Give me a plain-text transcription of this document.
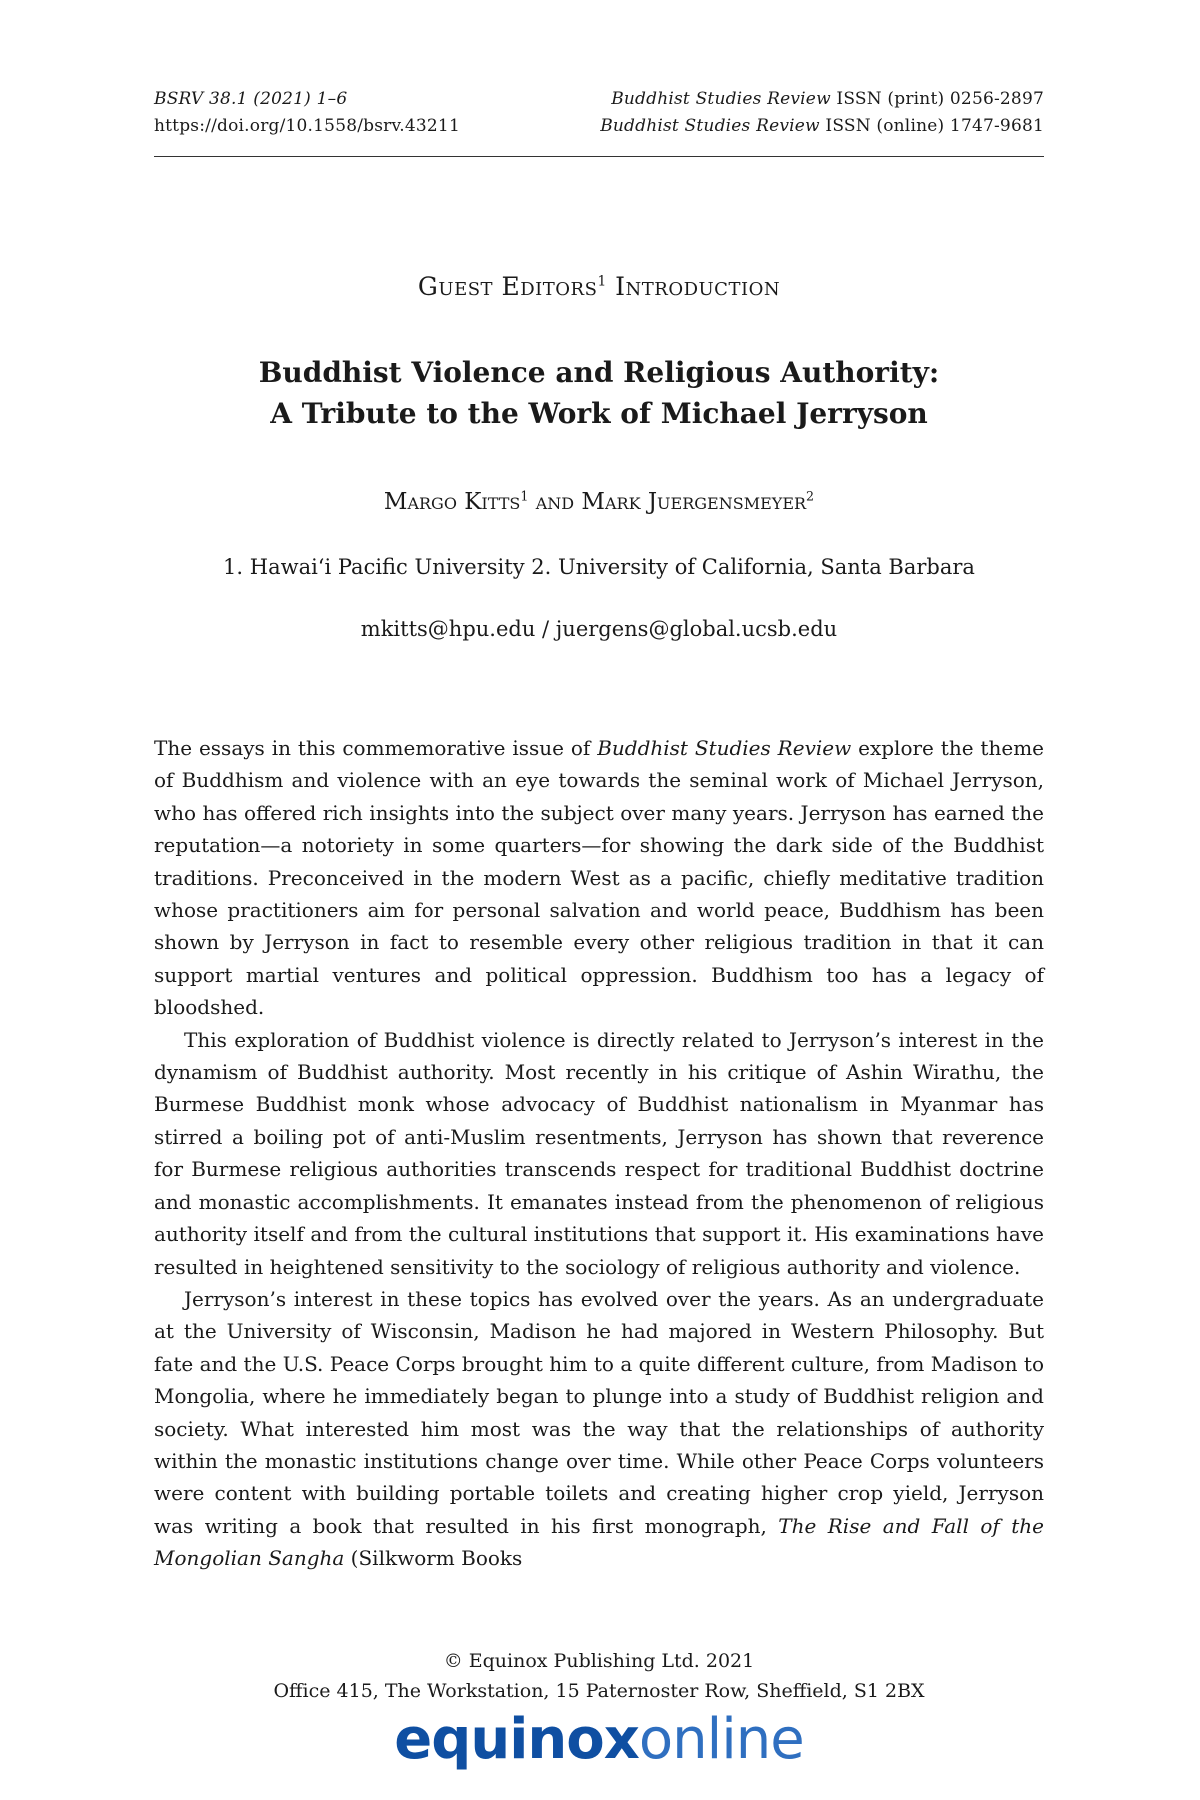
BSRV 38.1 (2021) 1–6
https://doi.org/10.1558/bsrv.43211
Buddhist Studies Review ISSN (print) 0256-2897
Buddhist Studies Review ISSN (online) 1747-9681
Guest Editors$^1$ Introduction
Buddhist Violence and Religious Authority:
A Tribute to the Work of Michael Jerryson
Margo Kitts$^1$ and Mark Juergensmeyer$^2$
1. Hawai‘i Pacific University 2. University of California, Santa Barbara
mkitts@hpu.edu / juergens@global.ucsb.edu

The essays in this commemorative issue of Buddhist Studies Review explore the theme of Buddhism and violence with an eye towards the seminal work of Michael Jerryson, who has offered rich insights into the subject over many years. Jerryson has earned the reputation—a notoriety in some quarters—for showing the dark side of the Buddhist traditions. Preconceived in the modern West as a pacific, chiefly meditative tradition whose practitioners aim for personal salvation and world peace, Buddhism has been shown by Jerryson in fact to resemble every other religious tradition in that it can support martial ventures and political oppression. Buddhism too has a legacy of bloodshed.

This exploration of Buddhist violence is directly related to Jerryson’s interest in the dynamism of Buddhist authority. Most recently in his critique of Ashin Wirathu, the Burmese Buddhist monk whose advocacy of Buddhist nationalism in Myanmar has stirred a boiling pot of anti-Muslim resentments, Jerryson has shown that reverence for Burmese religious authorities transcends respect for traditional Buddhist doctrine and monastic accomplishments. It emanates instead from the phenomenon of religious authority itself and from the cultural institutions that support it. His examinations have resulted in heightened sensitivity to the sociology of religious authority and violence.

Jerryson’s interest in these topics has evolved over the years. As an undergraduate at the University of Wisconsin, Madison he had majored in Western Philosophy. But fate and the U.S. Peace Corps brought him to a quite different culture, from Madison to Mongolia, where he immediately began to plunge into a study of Buddhist religion and society. What interested him most was the way that the relationships of authority within the monastic institutions change over time. While other Peace Corps volunteers were content with building portable toilets and creating higher crop yield, Jerryson was writing a book that resulted in his first monograph, The Rise and Fall of the Mongolian Sangha (Silkworm Books

© Equinox Publishing Ltd. 2021
Office 415, The Workstation, 15 Paternoster Row, Sheffield, S1 2BX
equinoxonline
